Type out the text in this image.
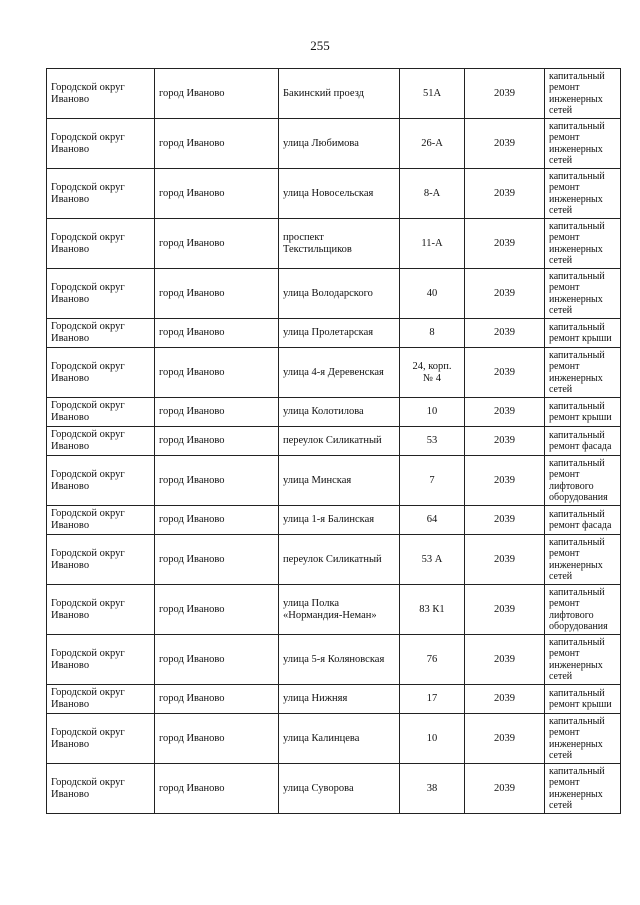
255
Городской округ
Иваново	город Иваново	Бакинский проезд	51А	2039	капитальный
ремонт
инженерных
сетей
Городской округ
Иваново	город Иваново	улица Любимова	26-А	2039	капитальный
ремонт
инженерных
сетей
Городской округ
Иваново	город Иваново	улица Новосельская	8-А	2039	капитальный
ремонт
инженерных
сетей
Городской округ
Иваново	город Иваново	проспект
Текстильщиков	11-А	2039	капитальный
ремонт
инженерных
сетей
Городской округ
Иваново	город Иваново	улица Володарского	40	2039	капитальный
ремонт
инженерных
сетей
Городской округ
Иваново	город Иваново	улица Пролетарская	8	2039	капитальный
ремонт крыши
Городской округ
Иваново	город Иваново	улица 4-я Деревенская	24, корп.
№ 4	2039	капитальный
ремонт
инженерных
сетей
Городской округ
Иваново	город Иваново	улица Колотилова	10	2039	капитальный
ремонт крыши
Городской округ
Иваново	город Иваново	переулок Силикатный	53	2039	капитальный
ремонт фасада
Городской округ
Иваново	город Иваново	улица Минская	7	2039	капитальный
ремонт
лифтового
оборудования
Городской округ
Иваново	город Иваново	улица 1-я Балинская	64	2039	капитальный
ремонт фасада
Городской округ
Иваново	город Иваново	переулок Силикатный	53 А	2039	капитальный
ремонт
инженерных
сетей
Городской округ
Иваново	город Иваново	улица Полка
«Нормандия-Неман»	83 К1	2039	капитальный
ремонт
лифтового
оборудования
Городской округ
Иваново	город Иваново	улица 5-я Коляновская	76	2039	капитальный
ремонт
инженерных
сетей
Городской округ
Иваново	город Иваново	улица Нижняя	17	2039	капитальный
ремонт крыши
Городской округ
Иваново	город Иваново	улица Калинцева	10	2039	капитальный
ремонт
инженерных
сетей
Городской округ
Иваново	город Иваново	улица Суворова	38	2039	капитальный
ремонт
инженерных
сетей
